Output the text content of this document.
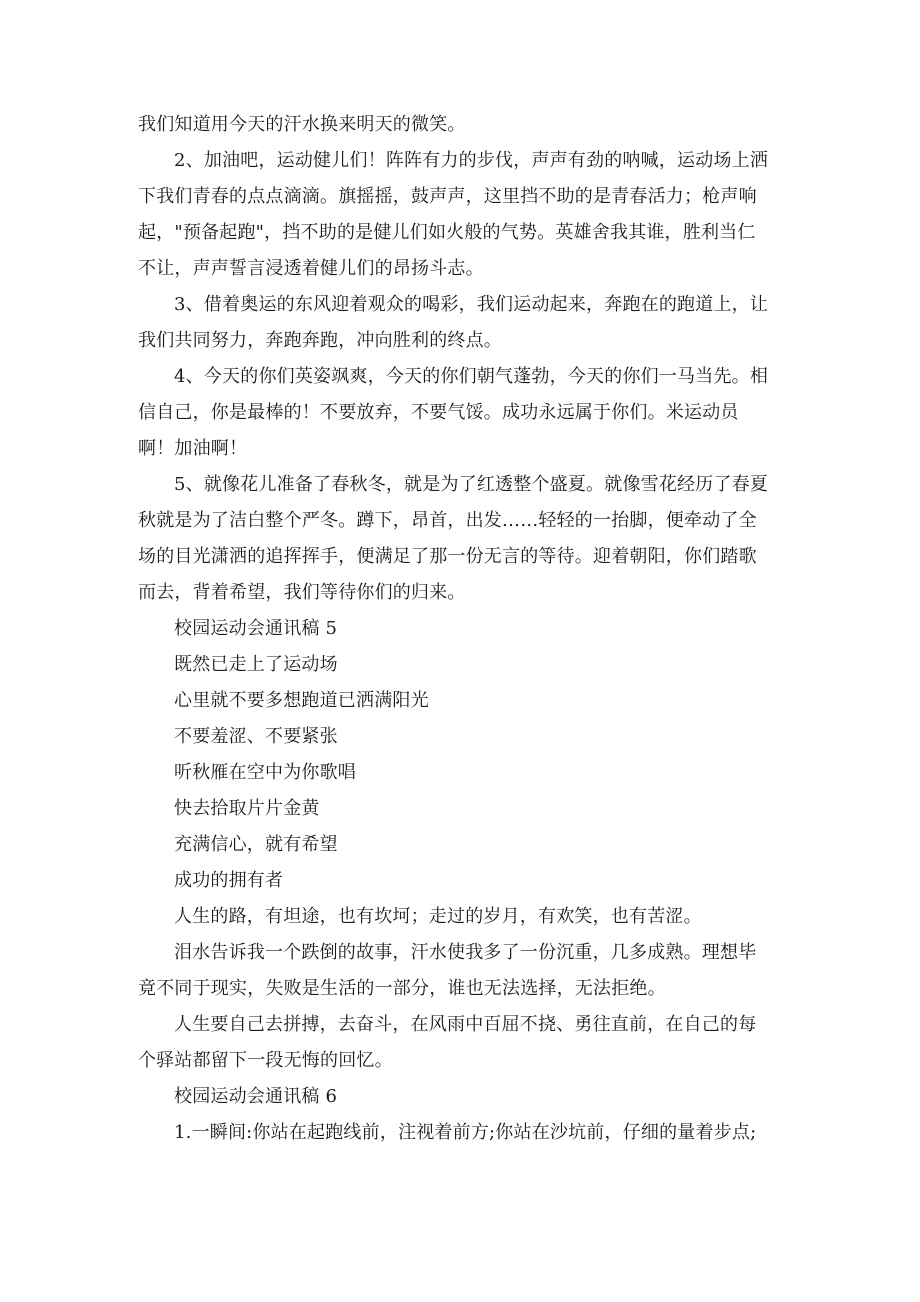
我们知道用今天的汗水换来明天的微笑。
2、加油吧，运动健儿们！阵阵有力的步伐，声声有劲的呐喊，运动场上洒
下我们青春的点点滴滴。旗摇摇，鼓声声，这里挡不助的是青春活力；枪声响
起，"预备起跑"，挡不助的是健儿们如火般的气势。英雄舍我其谁，胜利当仁
不让，声声誓言浸透着健儿们的昂扬斗志。
3、借着奥运的东风迎着观众的喝彩，我们运动起来，奔跑在的跑道上，让
我们共同努力，奔跑奔跑，冲向胜利的终点。
4、今天的你们英姿飒爽，今天的你们朝气蓬勃，今天的你们一马当先。相
信自己，你是最棒的！不要放弃，不要气馁。成功永远属于你们。米运动员
啊！加油啊！
5、就像花儿准备了春秋冬，就是为了红透整个盛夏。就像雪花经历了春夏
秋就是为了洁白整个严冬。蹲下，昂首，出发……轻轻的一抬脚，便牵动了全
场的目光潇洒的追挥挥手，便满足了那一份无言的等待。迎着朝阳，你们踏歌
而去，背着希望，我们等待你们的归来。
校园运动会通讯稿 5
既然已走上了运动场
心里就不要多想跑道已洒满阳光
不要羞涩、不要紧张
听秋雁在空中为你歌唱
快去拾取片片金黄
充满信心，就有希望
成功的拥有者
人生的路，有坦途，也有坎坷；走过的岁月，有欢笑，也有苦涩。
泪水告诉我一个跌倒的故事，汗水使我多了一份沉重，几多成熟。理想毕
竟不同于现实，失败是生活的一部分，谁也无法选择，无法拒绝。
人生要自己去拼搏，去奋斗，在风雨中百屈不挠、勇往直前，在自己的每
个驿站都留下一段无悔的回忆。
校园运动会通讯稿 6
1.一瞬间:你站在起跑线前，注视着前方;你站在沙坑前，仔细的量着步点;
